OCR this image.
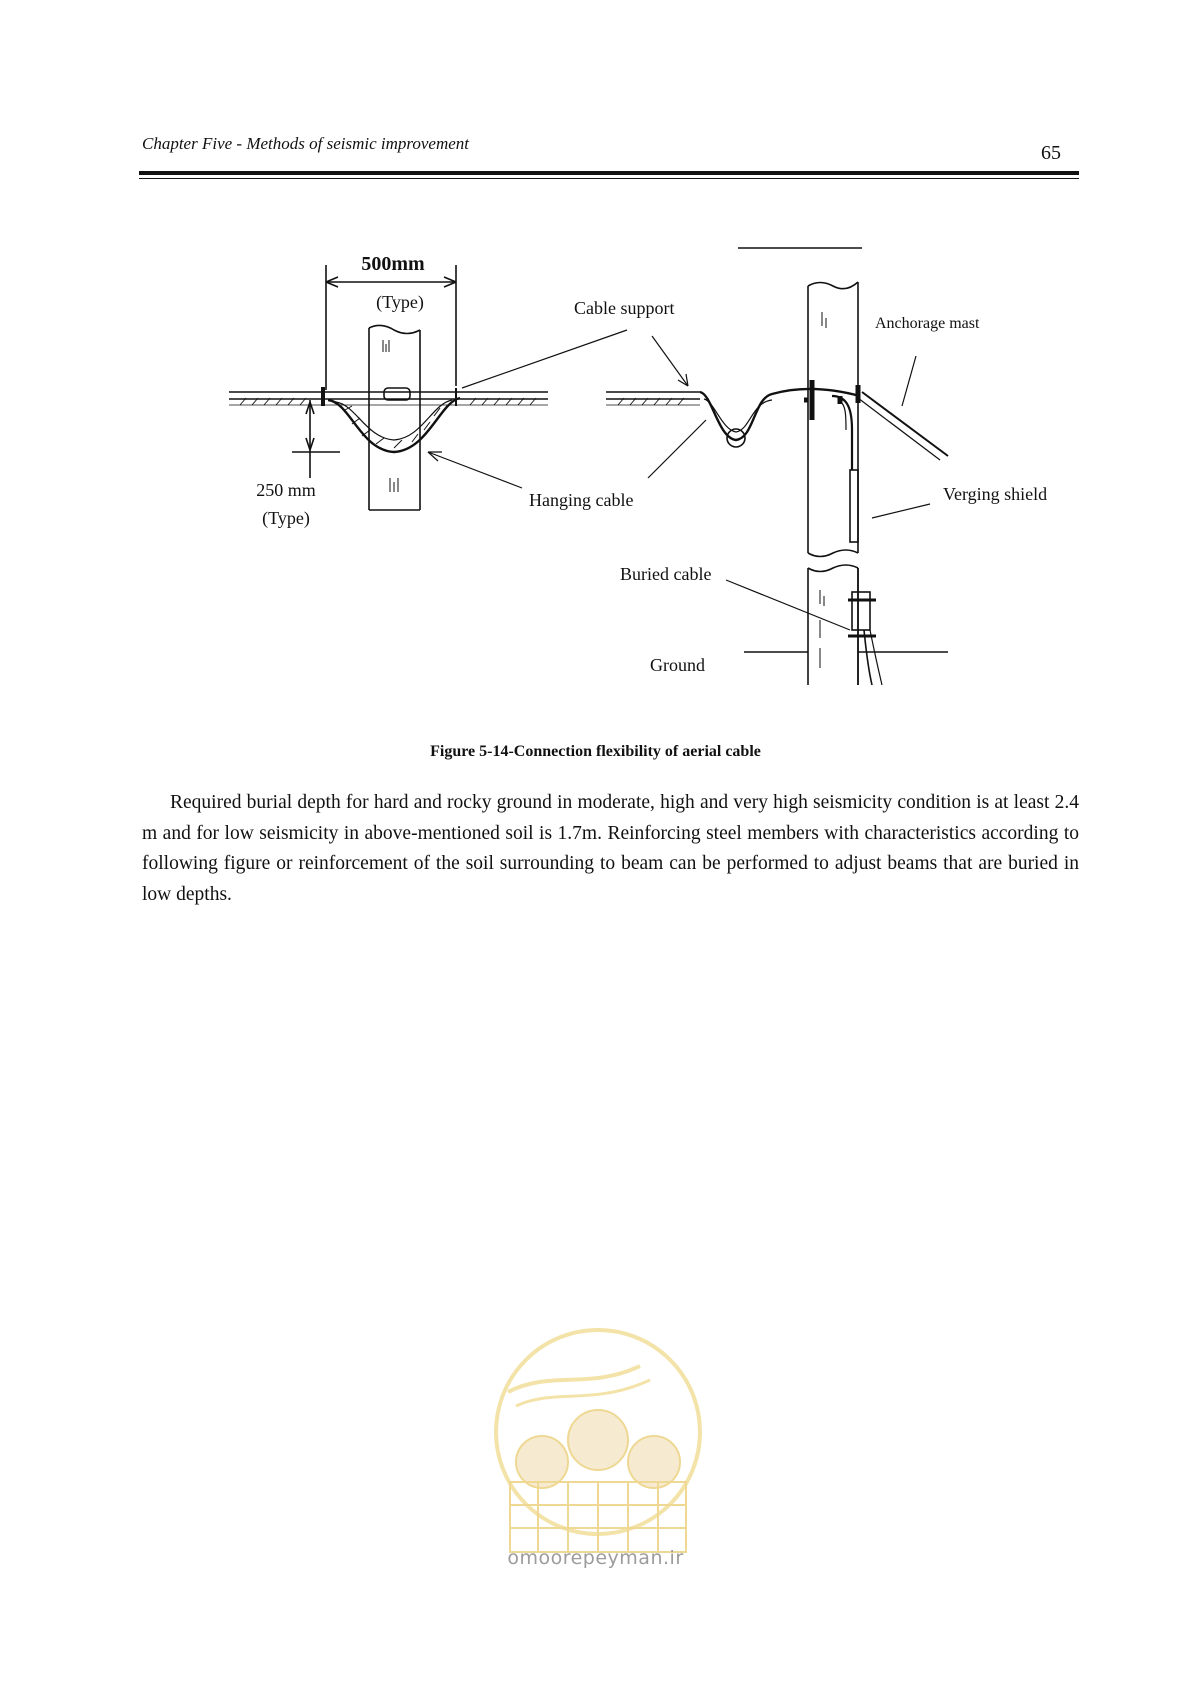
Chapter Five - Methods of seismic improvement	65
500mm
(Type)
250 mm
(Type)
Cable support
Anchorage mast
Hanging cable	Verging shield
Buried cable
Ground
Figure 5-14-Connection flexibility of aerial cable

Required burial depth for hard and rocky ground in moderate, high and very high seismicity condition is at least 2.4 m and for low seismicity in above-mentioned soil is 1.7m. Reinforcing steel members with characteristics according to following figure or reinforcement of the soil surrounding to beam can be performed to adjust beams that are buried in low depths.

omoorepeyman.ir
